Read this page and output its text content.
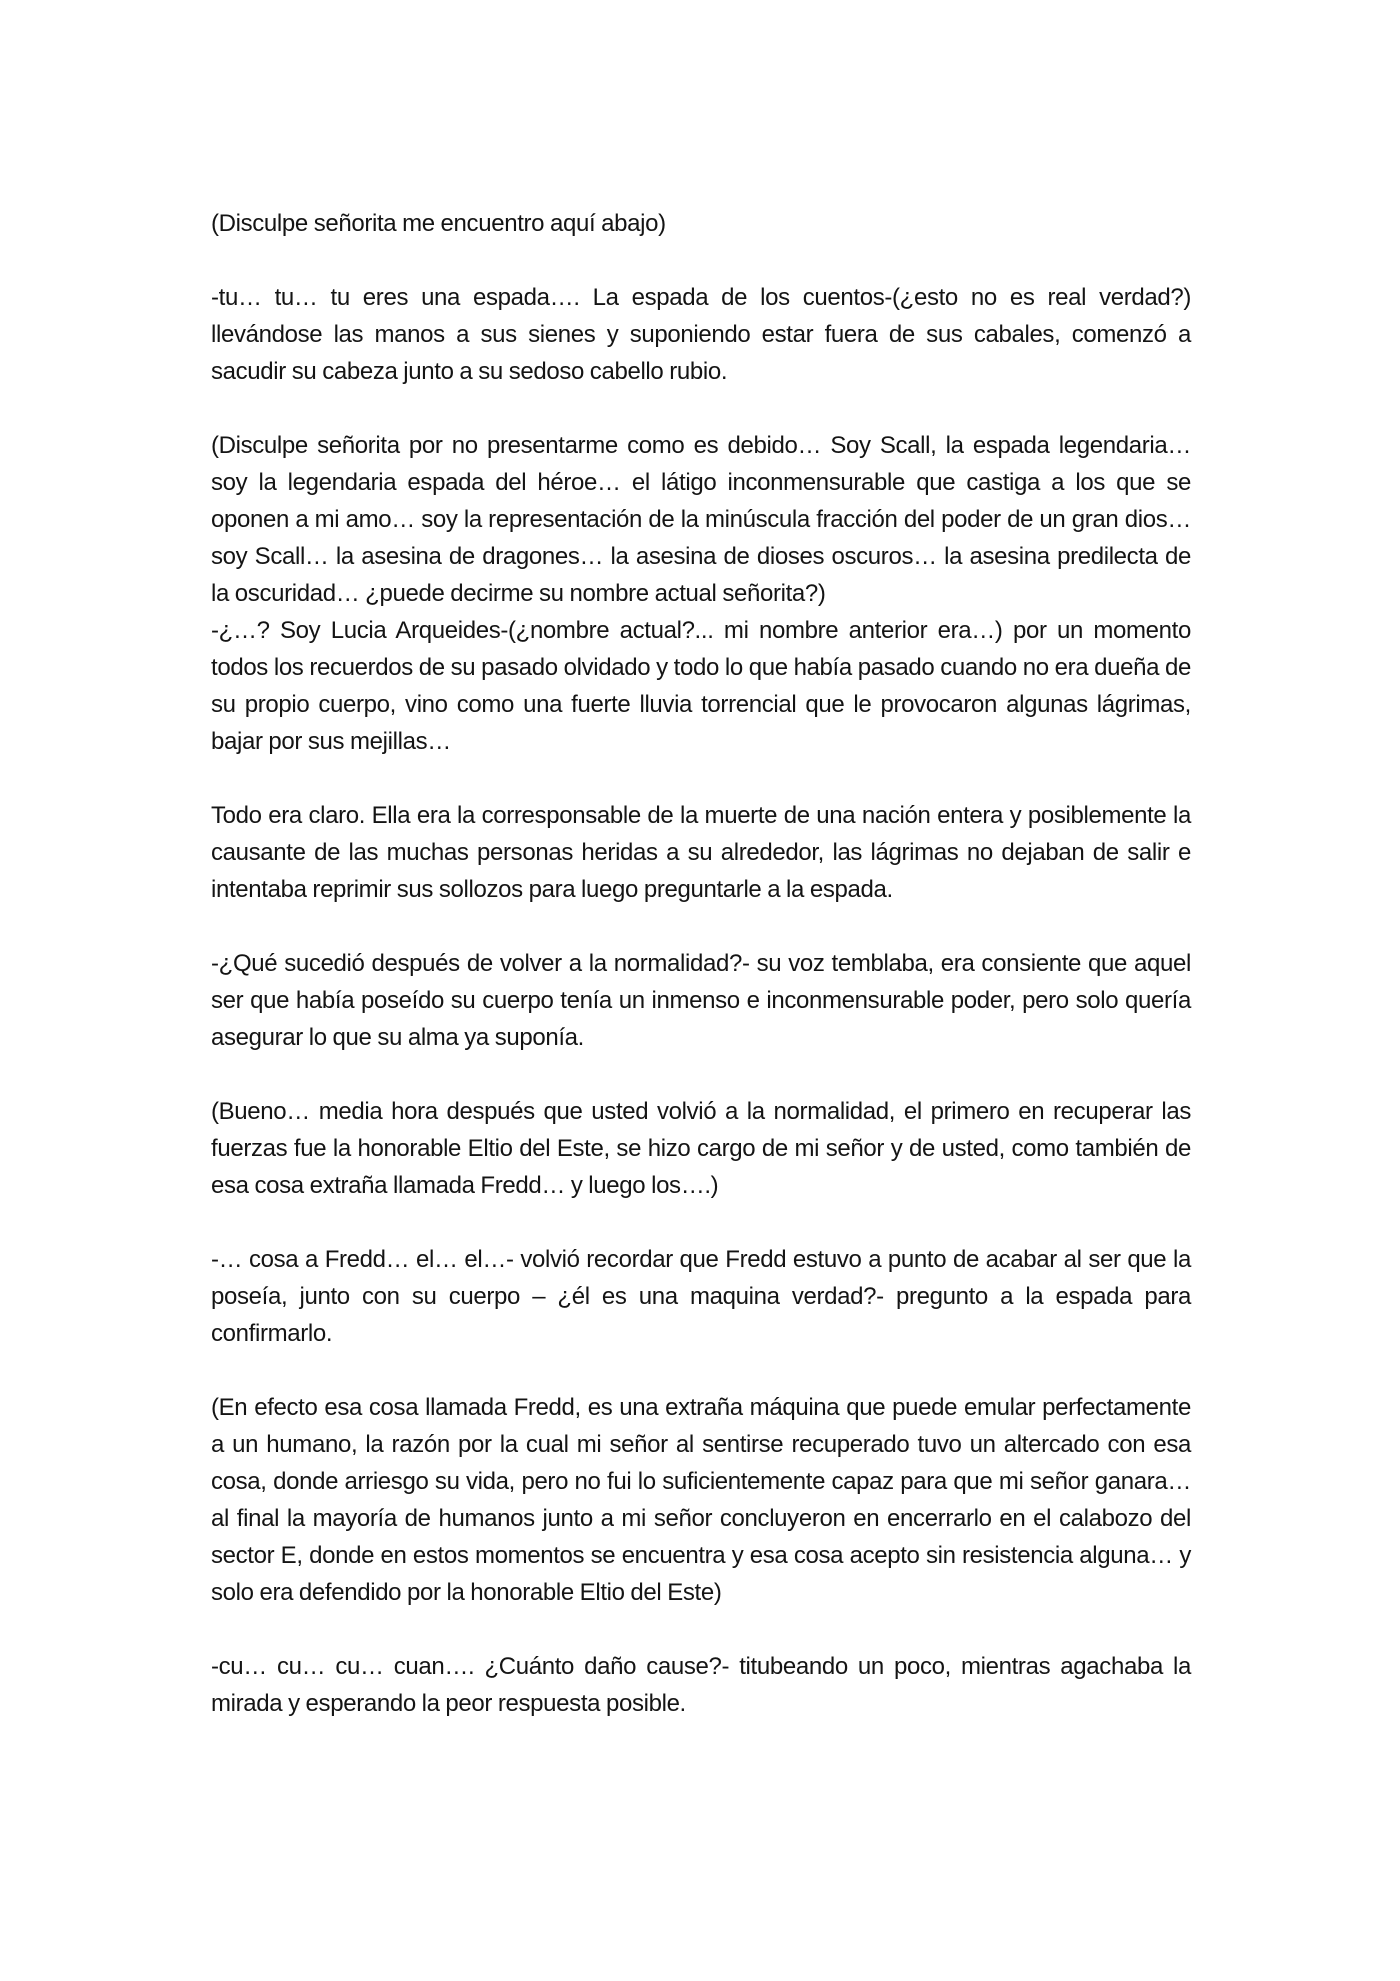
(Disculpe señorita me encuentro aquí abajo)

-tu… tu… tu eres una espada…. La espada de los cuentos-(¿esto no es real verdad?) llevándose las manos a sus sienes y suponiendo estar fuera de sus cabales, comenzó a sacudir su cabeza junto a su sedoso cabello rubio.

(Disculpe señorita por no presentarme como es debido… Soy Scall, la espada legendaria… soy la legendaria espada del héroe… el látigo inconmensurable que castiga a los que se oponen a mi amo… soy la representación de la minúscula fracción del poder de un gran dios… soy Scall… la asesina de dragones… la asesina de dioses oscuros… la asesina predilecta de la oscuridad… ¿puede decirme su nombre actual señorita?)

-¿…? Soy Lucia Arqueides-(¿nombre actual?... mi nombre anterior era…) por un momento todos los recuerdos de su pasado olvidado y todo lo que había pasado cuando no era dueña de su propio cuerpo, vino como una fuerte lluvia torrencial que le provocaron algunas lágrimas, bajar por sus mejillas…

Todo era claro. Ella era la corresponsable de la muerte de una nación entera y posiblemente la causante de las muchas personas heridas a su alrededor, las lágrimas no dejaban de salir e intentaba reprimir sus sollozos para luego preguntarle a la espada.

-¿Qué sucedió después de volver a la normalidad?- su voz temblaba, era consiente que aquel ser que había poseído su cuerpo tenía un inmenso e inconmensurable poder, pero solo quería asegurar lo que su alma ya suponía.

(Bueno… media hora después que usted volvió a la normalidad, el primero en recuperar las fuerzas fue la honorable Eltio del Este, se hizo cargo de mi señor y de usted, como también de esa cosa extraña llamada Fredd… y luego los….)

-… cosa a Fredd… el… el…- volvió recordar que Fredd estuvo a punto de acabar al ser que la poseía, junto con su cuerpo – ¿él es una maquina verdad?- pregunto a la espada para confirmarlo.

(En efecto esa cosa llamada Fredd, es una extraña máquina que puede emular perfectamente a un humano, la razón por la cual mi señor al sentirse recuperado tuvo un altercado con esa cosa, donde arriesgo su vida, pero no fui lo suficientemente capaz para que mi señor ganara… al final la mayoría de humanos junto a mi señor concluyeron en encerrarlo en el calabozo del sector E, donde en estos momentos se encuentra y esa cosa acepto sin resistencia alguna… y solo era defendido por la honorable Eltio del Este)

-cu… cu… cu… cuan…. ¿Cuánto daño cause?- titubeando un poco, mientras agachaba la mirada y esperando la peor respuesta posible.
